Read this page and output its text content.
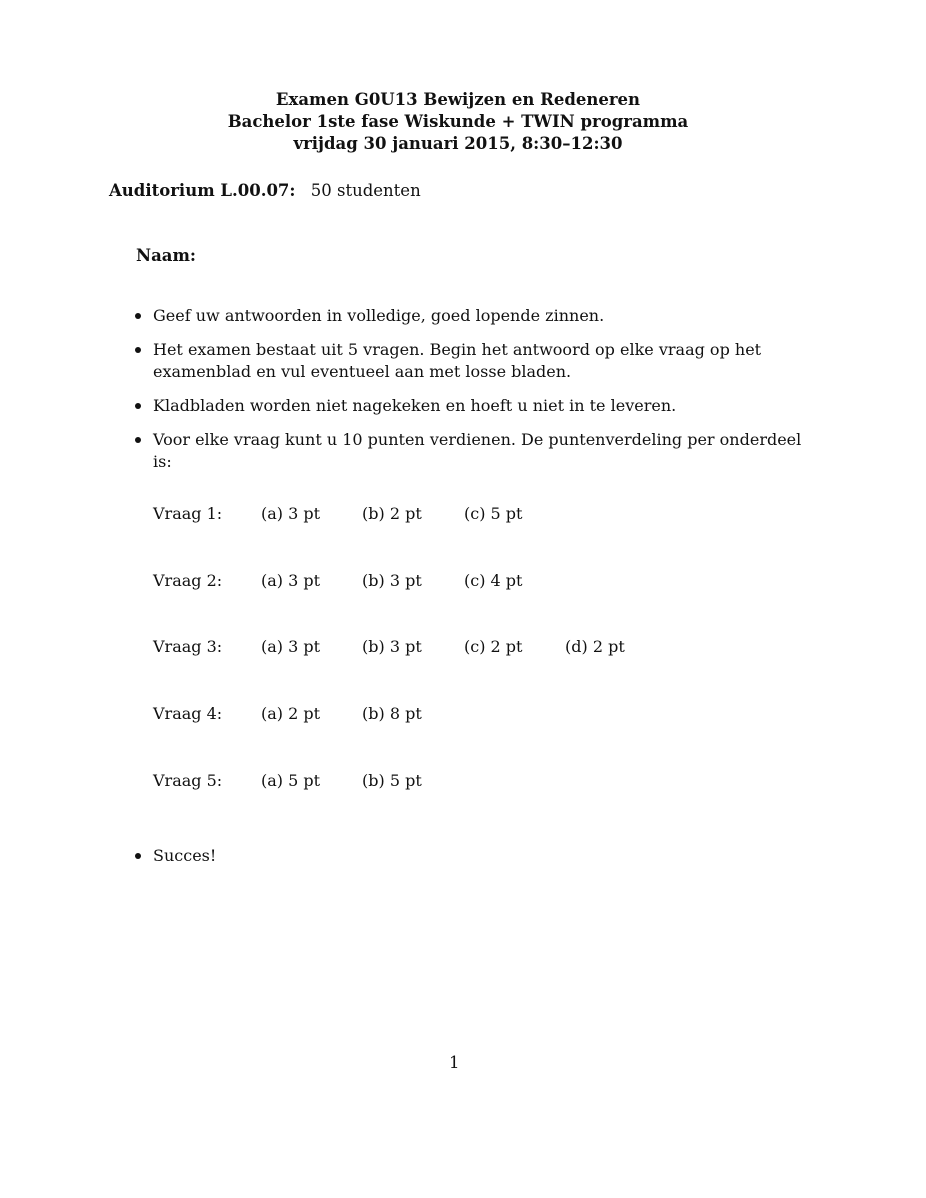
Examen G0U13 Bewijzen en Redeneren
Bachelor 1ste fase Wiskunde + TWIN programma
vrijdag 30 januari 2015, 8:30–12:30
Auditorium L.00.07: 50 studenten
Naam:
Geef uw antwoorden in volledige, goed lopende zinnen.
Het examen bestaat uit 5 vragen. Begin het antwoord op elke vraag op het examenblad en vul eventueel aan met losse bladen.
Kladbladen worden niet nagekeken en hoeft u niet in te leveren.
Voor elke vraag kunt u 10 punten verdienen. De puntenverdeling per onderdeel is:
Vraag 1: (a) 3 pt	(b) 2 pt	(c) 5 pt
Vraag 2: (a) 3 pt	(b) 3 pt	(c) 4 pt
Vraag 3: (a) 3 pt	(b) 3 pt	(c) 2 pt	(d) 2 pt
Vraag 4: (a) 2 pt	(b) 8 pt
Vraag 5: (a) 5 pt	(b) 5 pt
Succes!
1
